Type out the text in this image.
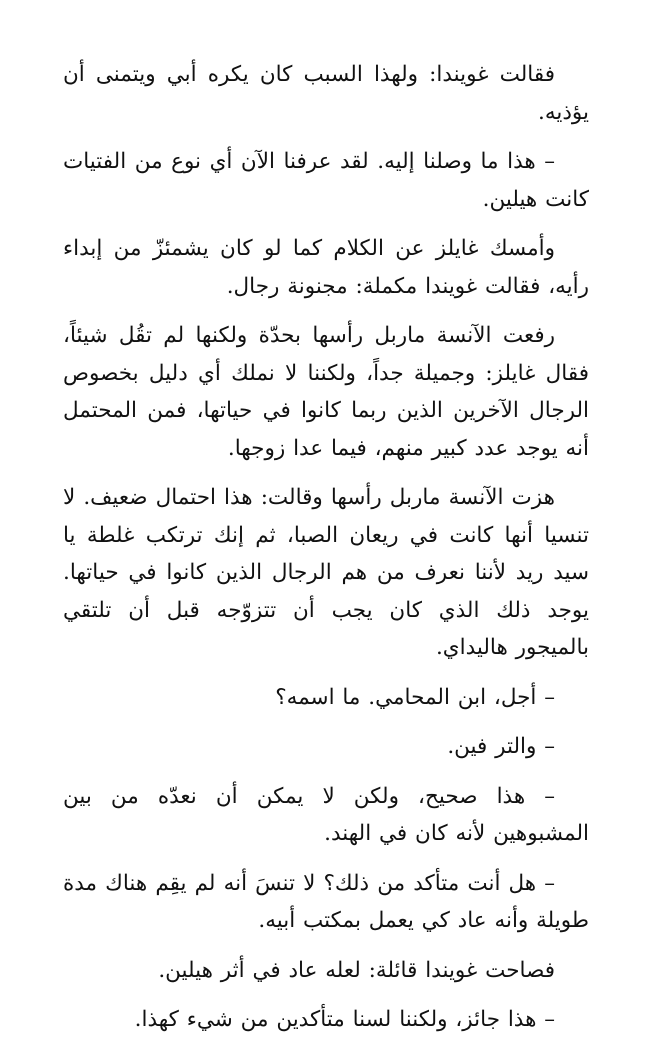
فقالت غويندا: ولهذا السبب كان يكره أبي ويتمنى أن يؤذيه.

– هذا ما وصلنا إليه. لقد عرفنا الآن أي نوع من الفتيات كانت هيلين.

وأمسك غايلز عن الكلام كما لو كان يشمئزّ من إبداء رأيه، فقالت غويندا مكملة: مجنونة رجال.

رفعت الآنسة ماربل رأسها بحدّة ولكنها لم تقُل شيئاً، فقال غايلز: وجميلة جداً، ولكننا لا نملك أي دليل بخصوص الرجال الآخرين الذين ربما كانوا في حياتها، فمن المحتمل أنه يوجد عدد كبير منهم، فيما عدا زوجها.

هزت الآنسة ماربل رأسها وقالت: هذا احتمال ضعيف. لا تنسيا أنها كانت في ريعان الصبا، ثم إنك ترتكب غلطة يا سيد ريد لأننا نعرف من هم الرجال الذين كانوا في حياتها. يوجد ذلك الذي كان يجب أن تتزوّجه قبل أن تلتقي بالميجور هاليداي.

– أجل، ابن المحامي. ما اسمه؟

– والتر فين.

– هذا صحيح، ولكن لا يمكن أن نعدّه من بين المشبوهين لأنه كان في الهند.

– هل أنت متأكد من ذلك؟ لا تنسَ أنه لم يقِم هناك مدة طويلة وأنه عاد كي يعمل بمكتب أبيه.

فصاحت غويندا قائلة: لعله عاد في أثر هيلين.

– هذا جائز، ولكننا لسنا متأكدين من شيء كهذا.
